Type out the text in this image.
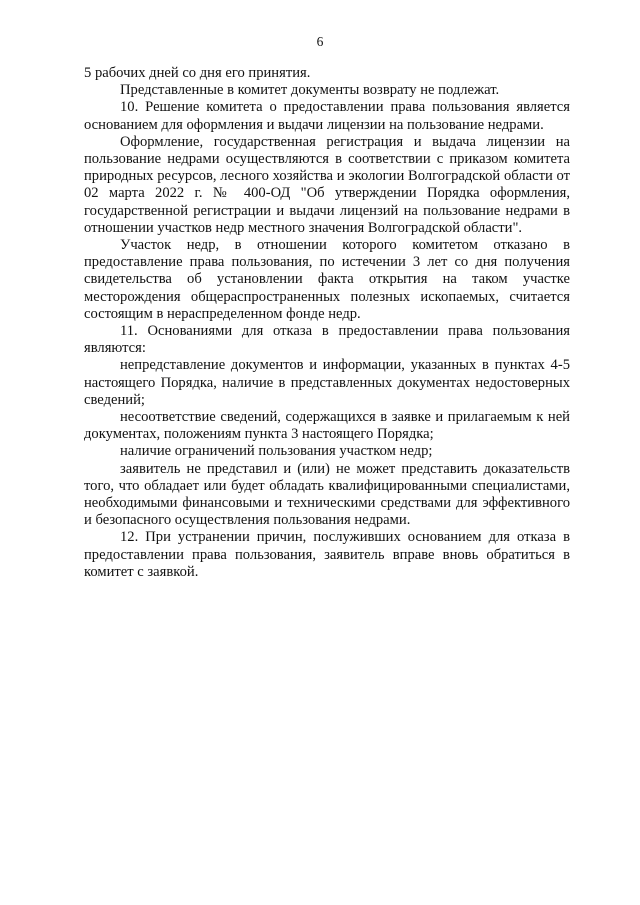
6

5 рабочих дней со дня его принятия.

Представленные в комитет документы возврату не подлежат.

10. Решение комитета о предоставлении права пользования является основанием для оформления и выдачи лицензии на пользование недрами.

Оформление, государственная регистрация и выдача лицензии на пользование недрами осуществляются в соответствии с приказом комитета природных ресурсов, лесного хозяйства и экологии Волгоградской области от 02 марта 2022 г. № 400-ОД "Об утверждении Порядка оформления, государственной регистрации и выдачи лицензий на пользование недрами в отношении участков недр местного значения Волгоградской области".

Участок недр, в отношении которого комитетом отказано в предоставление права пользования, по истечении 3 лет со дня получения свидетельства об установлении факта открытия на таком участке месторождения общераспространенных полезных ископаемых, считается состоящим в нераспределенном фонде недр.

11. Основаниями для отказа в предоставлении права пользования являются:

непредставление документов и информации, указанных в пунктах 4-5 настоящего Порядка, наличие в представленных документах недостоверных сведений;

несоответствие сведений, содержащихся в заявке и прилагаемым к ней документах, положениям пункта 3 настоящего Порядка;

наличие ограничений пользования участком недр;

заявитель не представил и (или) не может представить доказательств того, что обладает или будет обладать квалифицированными специалистами, необходимыми финансовыми и техническими средствами для эффективного и безопасного осуществления пользования недрами.

12. При устранении причин, послуживших основанием для отказа в предоставлении права пользования, заявитель вправе вновь обратиться в комитет с заявкой.
